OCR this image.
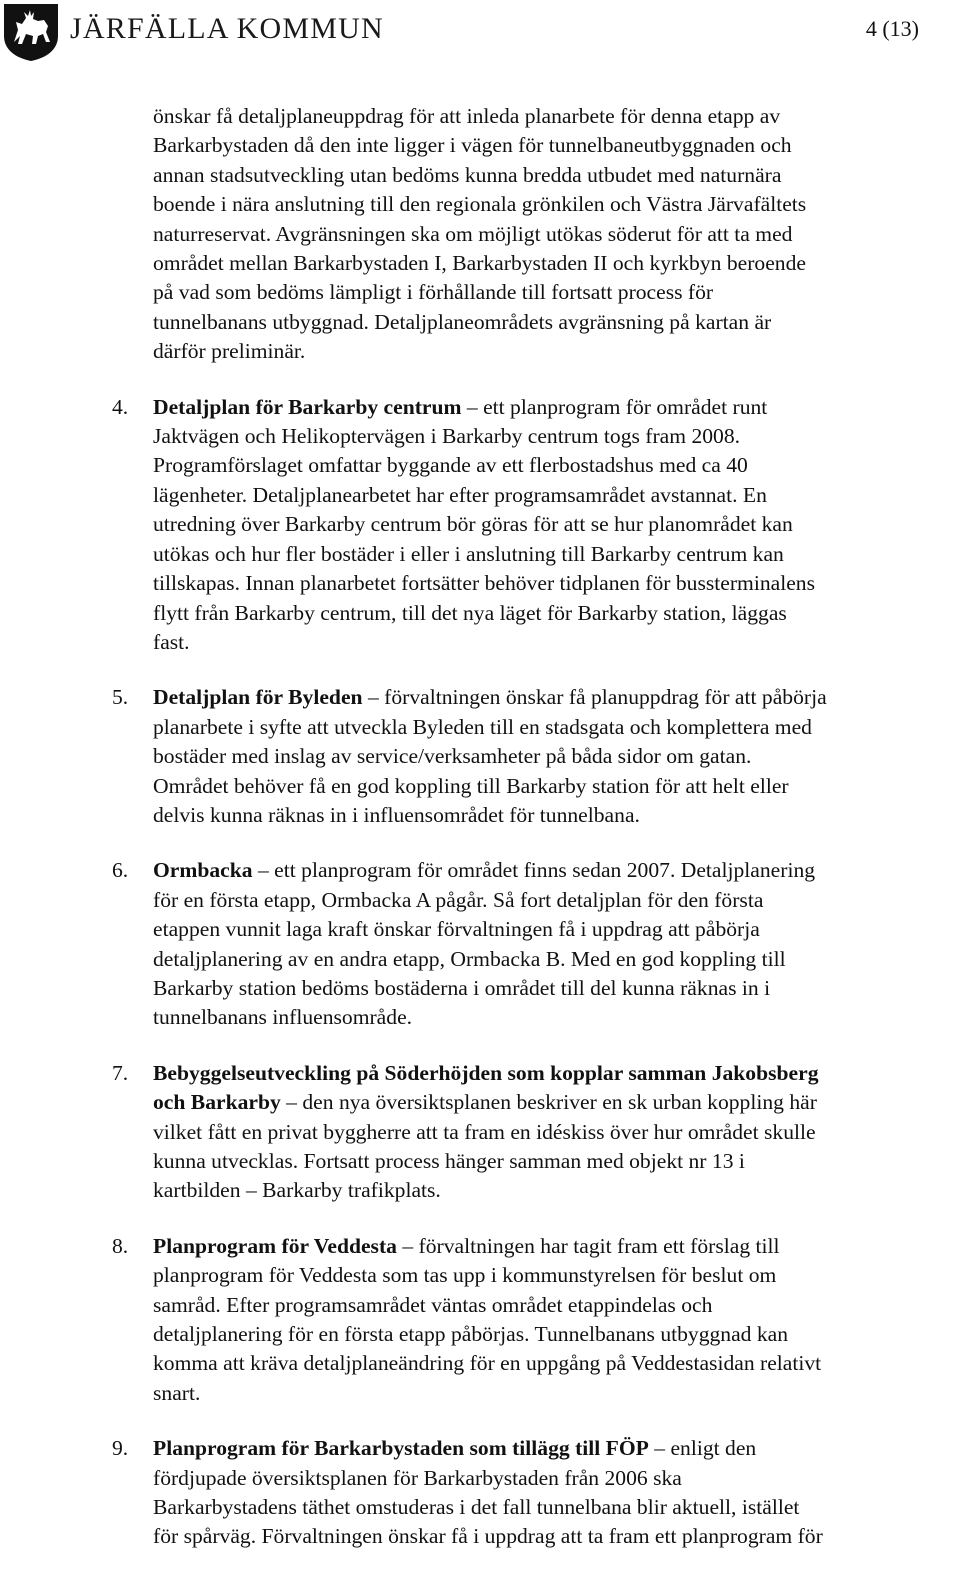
JÄRFÄLLA KOMMUN	4 (13)
önskar få detaljplaneuppdrag för att inleda planarbete för denna etapp av
Barkarbystaden då den inte ligger i vägen för tunnelbaneutbyggnaden och
annan stadsutveckling utan bedöms kunna bredda utbudet med naturnära
boende i nära anslutning till den regionala grönkilen och Västra Järvafältets
naturreservat. Avgränsningen ska om möjligt utökas söderut för att ta med
området mellan Barkarbystaden I, Barkarbystaden II och kyrkbyn beroende
på vad som bedöms lämpligt i förhållande till fortsatt process för
tunnelbanans utbyggnad. Detaljplaneområdets avgränsning på kartan är
därför preliminär.
4. Detaljplan för Barkarby centrum – ett planprogram för området runt
Jaktvägen och Helikoptervägen i Barkarby centrum togs fram 2008.
Programförslaget omfattar byggande av ett flerbostadshus med ca 40
lägenheter. Detaljplanearbetet har efter programsamrådet avstannat. En
utredning över Barkarby centrum bör göras för att se hur planområdet kan
utökas och hur fler bostäder i eller i anslutning till Barkarby centrum kan
tillskapas. Innan planarbetet fortsätter behöver tidplanen för bussterminalens
flytt från Barkarby centrum, till det nya läget för Barkarby station, läggas
fast.
5. Detaljplan för Byleden – förvaltningen önskar få planuppdrag för att påbörja
planarbete i syfte att utveckla Byleden till en stadsgata och komplettera med
bostäder med inslag av service/verksamheter på båda sidor om gatan.
Området behöver få en god koppling till Barkarby station för att helt eller
delvis kunna räknas in i influensområdet för tunnelbana.
6. Ormbacka – ett planprogram för området finns sedan 2007. Detaljplanering
för en första etapp, Ormbacka A pågår. Så fort detaljplan för den första
etappen vunnit laga kraft önskar förvaltningen få i uppdrag att påbörja
detaljplanering av en andra etapp, Ormbacka B. Med en god koppling till
Barkarby station bedöms bostäderna i området till del kunna räknas in i
tunnelbanans influensområde.
7. Bebyggelseutveckling på Söderhöjden som kopplar samman Jakobsberg
och Barkarby – den nya översiktsplanen beskriver en sk urban koppling här
vilket fått en privat byggherre att ta fram en idéskiss över hur området skulle
kunna utvecklas. Fortsatt process hänger samman med objekt nr 13 i
kartbilden – Barkarby trafikplats.
8. Planprogram för Veddesta – förvaltningen har tagit fram ett förslag till
planprogram för Veddesta som tas upp i kommunstyrelsen för beslut om
samråd. Efter programsamrådet väntas området etappindelas och
detaljplanering för en första etapp påbörjas. Tunnelbanans utbyggnad kan
komma att kräva detaljplaneändring för en uppgång på Veddestasidan relativt
snart.
9. Planprogram för Barkarbystaden som tillägg till FÖP – enligt den
fördjupade översiktsplanen för Barkarbystaden från 2006 ska
Barkarbystadens täthet omstuderas i det fall tunnelbana blir aktuell, istället
för spårväg. Förvaltningen önskar få i uppdrag att ta fram ett planprogram för
